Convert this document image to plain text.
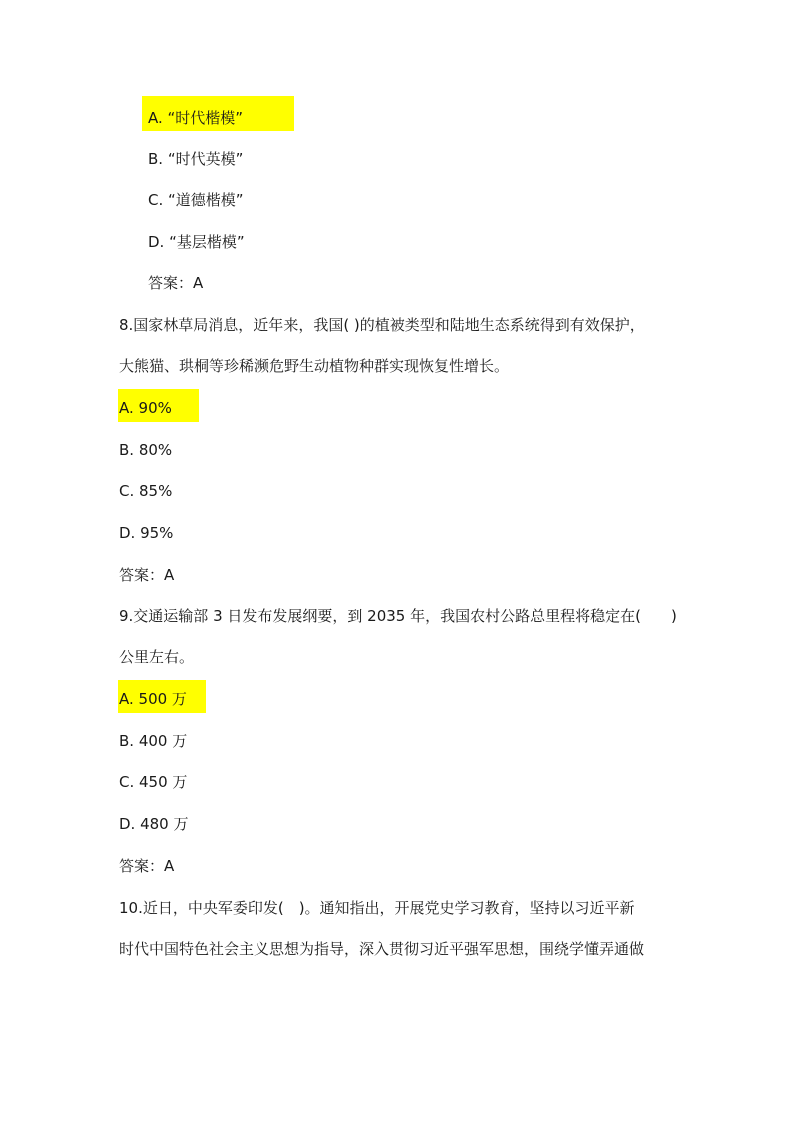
A. “时代楷模”
B. “时代英模”
C. “道德楷模”
D. “基层楷模”
答案：A
8.国家林草局消息，近年来，我国( )的植被类型和陆地生态系统得到有效保护，
大熊猫、珙桐等珍稀濒危野生动植物种群实现恢复性增长。
A. 90%
B. 80%
C. 85%
D. 95%
答案：A
9.交通运输部 3 日发布发展纲要，到 2035 年，我国农村公路总里程将稳定在(　　)
公里左右。
A. 500 万
B. 400 万
C. 450 万
D. 480 万
答案：A
10.近日，中央军委印发(　)。通知指出，开展党史学习教育，坚持以习近平新
时代中国特色社会主义思想为指导，深入贯彻习近平强军思想，围绕学懂弄通做
